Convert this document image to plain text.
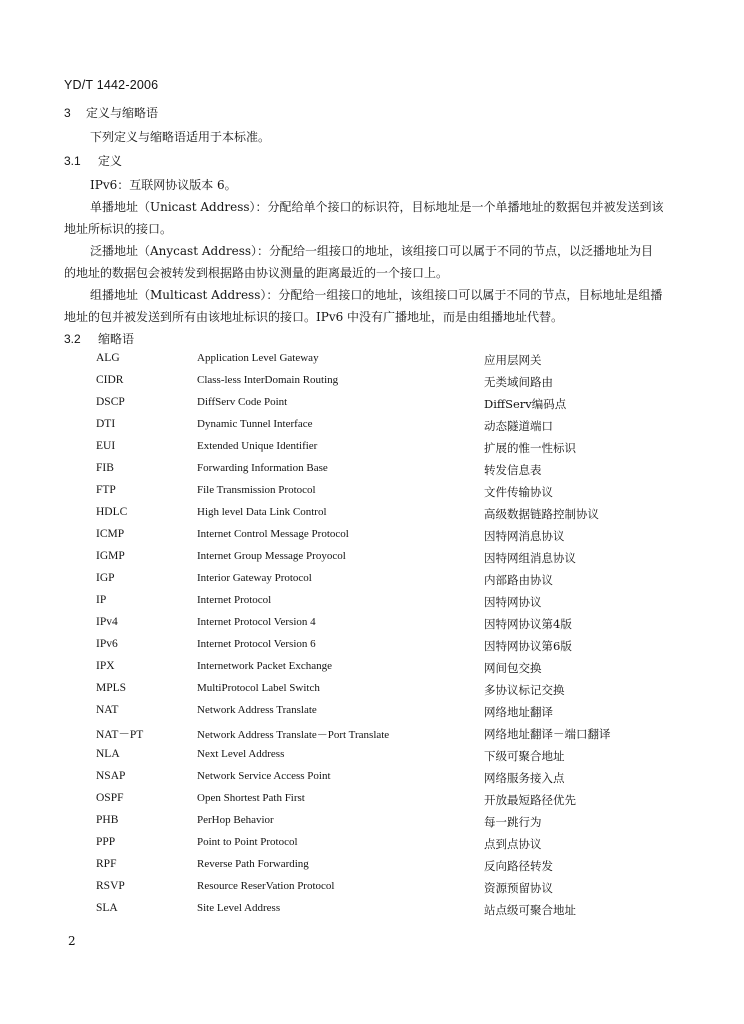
YD/T 1442-2006
3 定义与缩略语
下列定义与缩略语适用于本标准。
3.1 定义
IPv6：互联网协议版本 6。
单播地址（Unicast Address）：分配给单个接口的标识符，目标地址是一个单播地址的数据包并被发送到该地址所标识的接口。
泛播地址（Anycast Address）：分配给一组接口的地址，该组接口可以属于不同的节点，以泛播地址为目的地址的数据包会被转发到根据路由协议测量的距离最近的一个接口上。
组播地址（Multicast Address）：分配给一组接口的地址，该组接口可以属于不同的节点，目标地址是组播地址的包并被发送到所有由该地址标识的接口。IPv6 中没有广播地址，而是由组播地址代替。
3.2 缩略语
ALG	Application Level Gateway	应用层网关
CIDR	Class-less InterDomain Routing	无类域间路由
DSCP	DiffServ Code Point	DiffServ编码点
DTI	Dynamic Tunnel Interface	动态隧道端口
EUI	Extended Unique Identifier	扩展的惟一性标识
FIB	Forwarding Information Base	转发信息表
FTP	File Transmission Protocol	文件传输协议
HDLC	High level Data Link Control	高级数据链路控制协议
ICMP	Internet Control Message Protocol	因特网消息协议
IGMP	Internet Group Message Proyocol	因特网组消息协议
IGP	Interior Gateway Protocol	内部路由协议
IP	Internet Protocol	因特网协议
IPv4	Internet Protocol Version 4	因特网协议第4版
IPv6	Internet Protocol Version 6	因特网协议第6版
IPX	Internetwork Packet Exchange	网间包交换
MPLS	MultiProtocol Label Switch	多协议标记交换
NAT	Network Address Translate	网络地址翻译
NAT－PT	Network Address Translate－Port Translate	网络地址翻译－端口翻译
NLA	Next Level Address	下级可聚合地址
NSAP	Network Service Access Point	网络服务接入点
OSPF	Open Shortest Path First	开放最短路径优先
PHB	PerHop Behavior	每一跳行为
PPP	Point to Point Protocol	点到点协议
RPF	Reverse Path Forwarding	反向路径转发
RSVP	Resource ReserVation Protocol	资源预留协议
SLA	Site Level Address	站点级可聚合地址
2
